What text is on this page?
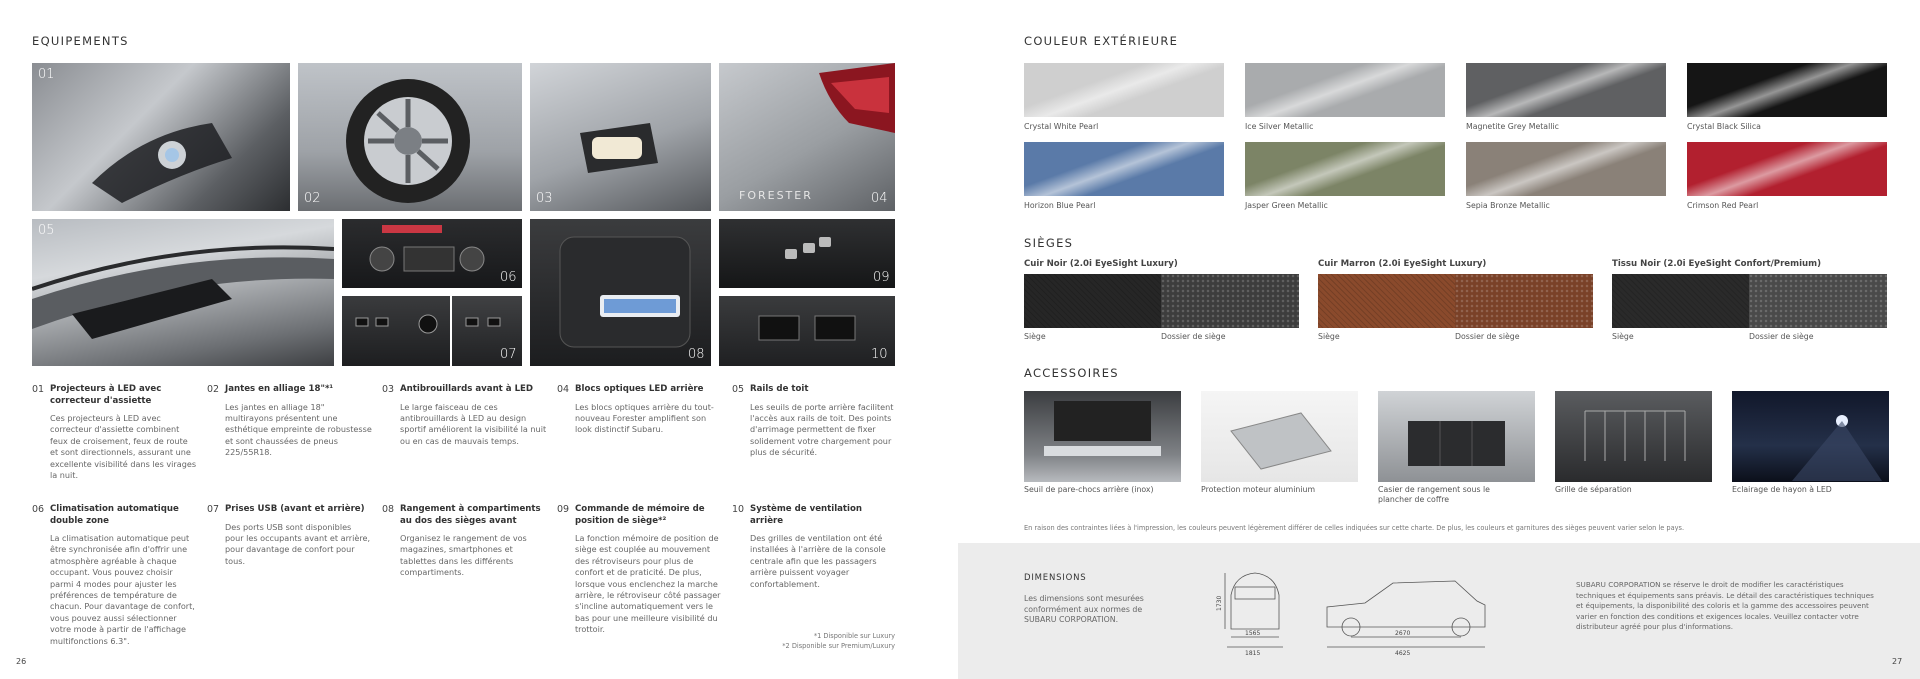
EQUIPEMENTS
01
02	03	FORESTER	04
05
06
07	08
09
10
01 Projecteurs à LED avec correcteur d'assiette
Ces projecteurs à LED avec correcteur d'assiette combinent feux de croisement, feux de route et sont directionnels, assurant une excellente visibilité dans les virages la nuit.
02 Jantes en alliage 18"*¹
Les jantes en alliage 18" multirayons présentent une esthétique empreinte de robustesse et sont chaussées de pneus 225/55R18.
03 Antibrouillards avant à LED
Le large faisceau de ces antibrouillards à LED au design sportif améliorent la visibilité la nuit ou en cas de mauvais temps.
04 Blocs optiques LED arrière
Les blocs optiques arrière du tout-nouveau Forester amplifient son look distinctif Subaru.
05 Rails de toit
Les seuils de porte arrière facilitent l'accès aux rails de toit. Des points d'arrimage permettent de fixer solidement votre chargement pour plus de sécurité.
06 Climatisation automatique double zone
La climatisation automatique peut être synchronisée afin d'offrir une atmosphère agréable à chaque occupant. Vous pouvez choisir parmi 4 modes pour ajuster les préférences de température de chacun. Pour davantage de confort, vous pouvez aussi sélectionner votre mode à partir de l'affichage multifonctions 6.3".
07 Prises USB (avant et arrière)
Des ports USB sont disponibles pour les occupants avant et arrière, pour davantage de confort pour tous.
08 Rangement à compartiments au dos des sièges avant
Organisez le rangement de vos magazines, smartphones et tablettes dans les différents compartiments.
09 Commande de mémoire de position de siège*²
La fonction mémoire de position de siège est couplée au mouvement des rétroviseurs pour plus de confort et de praticité. De plus, lorsque vous enclenchez la marche arrière, le rétroviseur côté passager s'incline automatiquement vers le bas pour une meilleure visibilité du trottoir.
10 Système de ventilation arrière
Des grilles de ventilation ont été installées à l'arrière de la console centrale afin que les passagers arrière puissent voyager confortablement.
*1 Disponible sur Luxury
*2 Disponible sur Premium/Luxury
26
COULEUR EXTÉRIEURE
Crystal White Pearl	Ice Silver Metallic	Magnetite Grey Metallic	Crystal Black Silica
Horizon Blue Pearl	Jasper Green Metallic	Sepia Bronze Metallic	Crimson Red Pearl
SIÈGES
Cuir Noir (2.0i EyeSight Luxury)	Cuir Marron (2.0i EyeSight Luxury)	Tissu Noir (2.0i EyeSight Confort/Premium)
Siège	Dossier de siège	Siège	Dossier de siège	Siège	Dossier de siège
ACCESSOIRES
Seuil de pare-chocs arrière (inox)	Protection moteur aluminium	Casier de rangement sous le plancher de coffre
Grille de séparation	Eclairage de hayon à LED
En raison des contraintes liées à l'impression, les couleurs peuvent légèrement différer de celles indiquées sur cette charte. De plus, les couleurs et garnitures des sièges peuvent varier selon le pays.
DIMENSIONS
Les dimensions sont mesurées conformément aux normes de SUBARU CORPORATION.
1730
1565
1815
2670
4625
SUBARU CORPORATION se réserve le droit de modifier les caractéristiques techniques et équipements sans préavis. Le détail des caractéristiques techniques et équipements, la disponibilité des coloris et la gamme des accessoires peuvent varier en fonction des conditions et exigences locales. Veuillez contacter votre distributeur agréé pour plus d'informations.
27
